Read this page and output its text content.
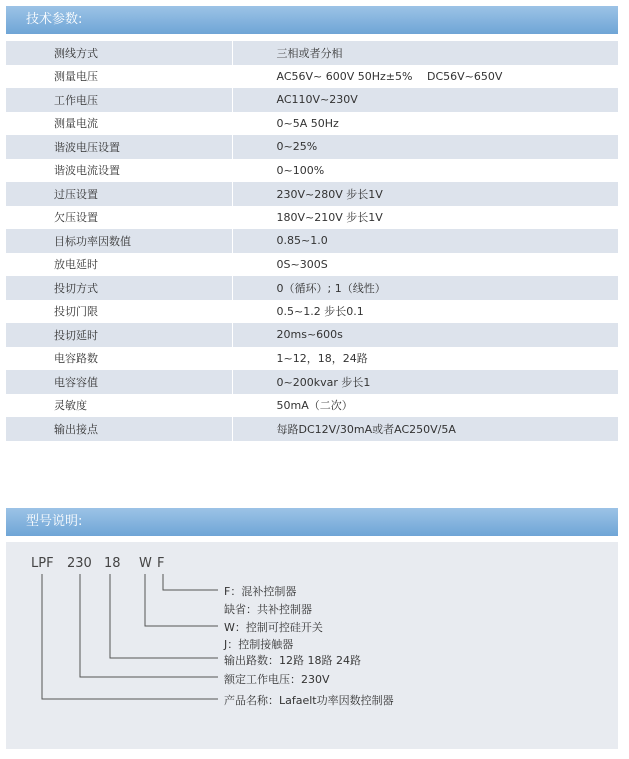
技术参数:
测线方式	三相或者分相
测量电压	AC56V~ 600V 50Hz±5%　 DC56V~650V
工作电压	AC110V~230V
测量电流	0~5A 50Hz
谐波电压设置	0~25%
谐波电流设置	0~100%
过压设置	230V~280V 步长1V
欠压设置	180V~210V 步长1V
目标功率因数值	0.85~1.0
放电延时	0S~300S
投切方式	0（循环）; 1（线性）
投切门限	0.5~1.2 步长0.1
投切延时	20ms~600s
电容路数	1~12，18，24路
电容容值	0~200kvar 步长1
灵敏度	50mA（二次）
输出接点	每路DC12V/30mA或者AC250V/5A
型号说明:
LPF 230 18 W F
F：混补控制器
缺省：共补控制器
W：控制可控硅开关
J：控制接触器
输出路数：12路 18路 24路
额定工作电压：230V
产品名称：Lafaelt功率因数控制器
